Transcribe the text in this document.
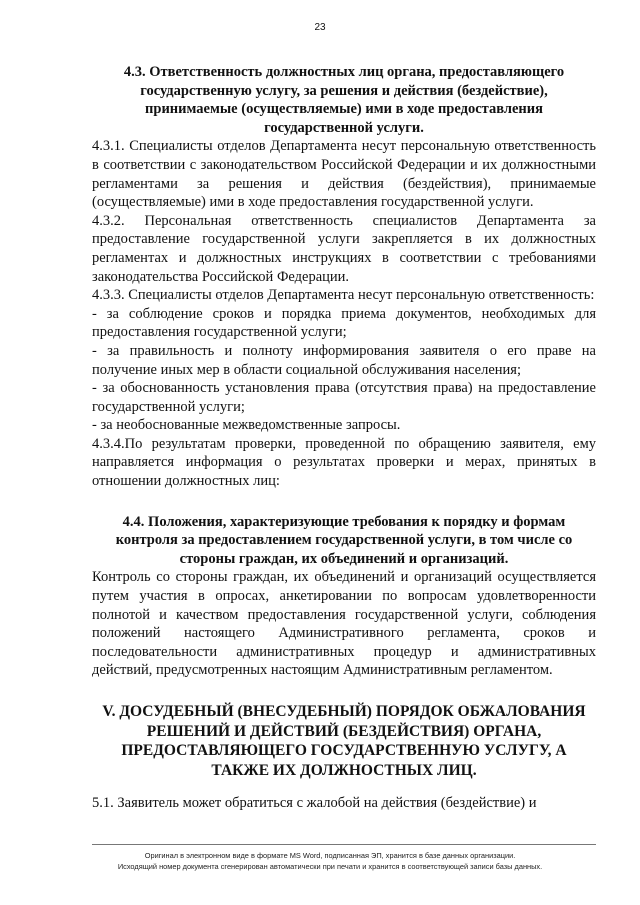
23

4.3. Ответственность должностных лиц органа, предоставляющего государственную услугу, за решения и действия (бездействие), принимаемые (осуществляемые) ими в ходе предоставления государственной услуги.

4.3.1. Специалисты отделов Департамента несут персональную ответственность в соответствии с законодательством Российской Федерации и их должностными регламентами за решения и действия (бездействия), принимаемые (осуществляемые) ими в ходе предоставления государственной услуги.

4.3.2. Персональная ответственность специалистов Департамента за предоставление государственной услуги закрепляется в их должностных регламентах и должностных инструкциях в соответствии с требованиями законодательства Российской Федерации.

4.3.3. Специалисты отделов Департамента несут персональную ответственность:

- за соблюдение сроков и порядка приема документов, необходимых для предоставления государственной услуги;

- за правильность и полноту информирования заявителя о его праве на получение иных мер в области социальной обслуживания населения;

- за обоснованность установления права (отсутствия права) на предоставление государственной услуги;

- за необоснованные межведомственные запросы.

4.3.4.По результатам проверки, проведенной по обращению заявителя, ему направляется информация о результатах проверки и мерах, принятых в отношении должностных лиц:

4.4. Положения, характеризующие требования к порядку и формам контроля за предоставлением государственной услуги, в том числе со стороны граждан, их объединений и организаций.

Контроль со стороны граждан, их объединений и организаций осуществляется путем участия в опросах, анкетировании по вопросам удовлетворенности полнотой и качеством предоставления государственной услуги, соблюдения положений настоящего Административного регламента, сроков и последовательности административных процедур и административных действий, предусмотренных настоящим Административным регламентом.

V. ДОСУДЕБНЫЙ (ВНЕСУДЕБНЫЙ) ПОРЯДОК ОБЖАЛОВАНИЯ РЕШЕНИЙ И ДЕЙСТВИЙ (БЕЗДЕЙСТВИЯ) ОРГАНА, ПРЕДОСТАВЛЯЮЩЕГО ГОСУДАРСТВЕННУЮ УСЛУГУ, А ТАКЖЕ ИХ ДОЛЖНОСТНЫХ ЛИЦ.

5.1. Заявитель может обратиться с жалобой на действия (бездействие) и

Оригинал в электронном виде в формате MS Word, подписанная ЭП, хранится в базе данных организации.
Исходящий номер документа сгенерирован автоматически при печати и хранится в соответствующей записи базы данных.
